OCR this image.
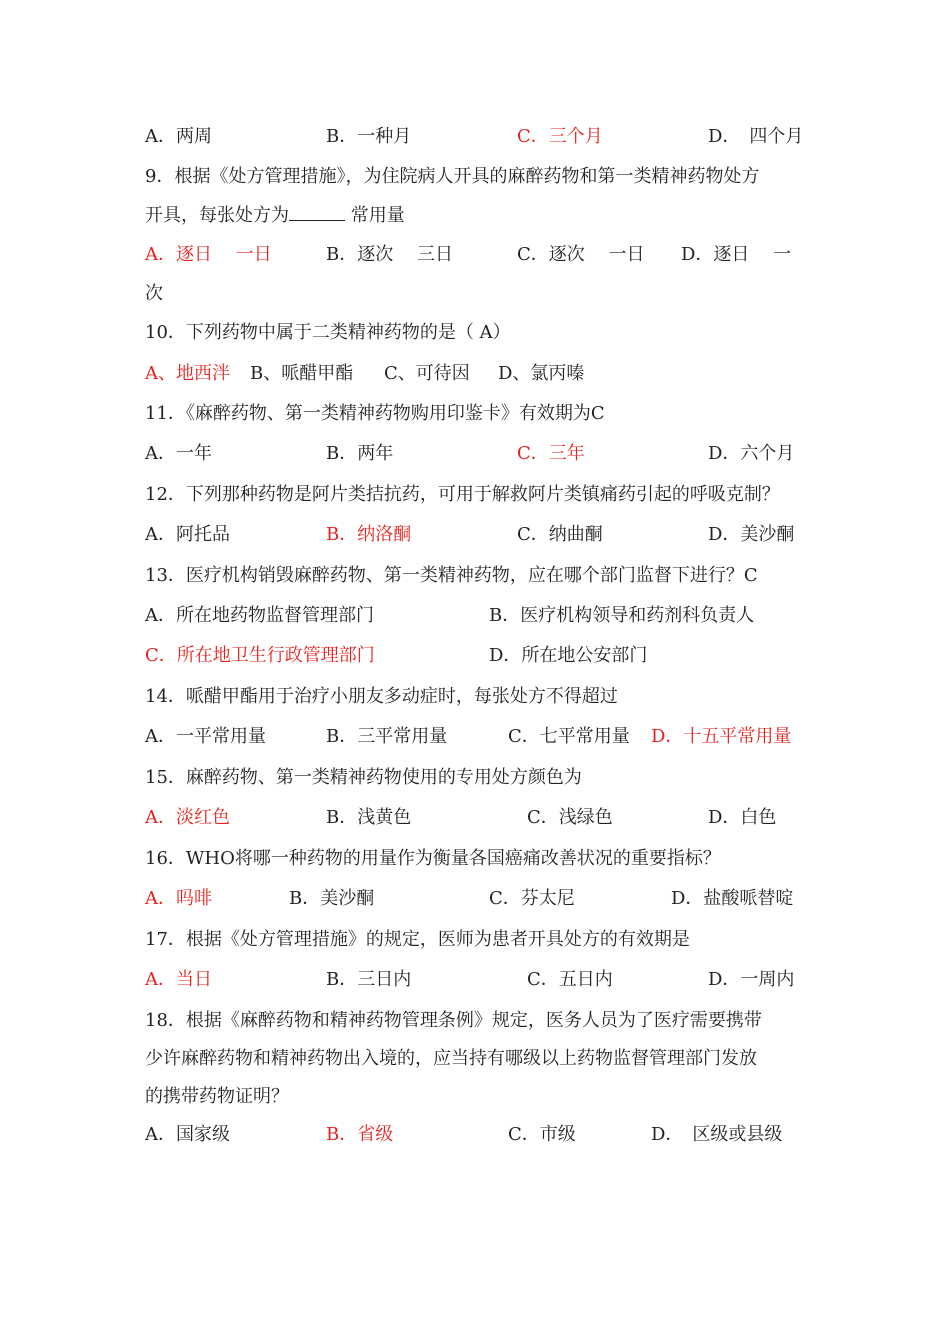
A．两周	B．一种月	C．三个月	D．　四个月
9．根据《处方管理措施》，为住院病人开具的麻醉药物和第一类精神药物处方
开具，每张处方为	常用量
A．逐日　 一日	B．逐次　 三日	C．逐次　 一日 D．逐日　 一
次
10．下列药物中属于二类精神药物的是（ A）
A、地西泮 B、哌醋甲酯 C、可待因 D、氯丙嗪
11．《麻醉药物、第一类精神药物购用印鉴卡》有效期为C
A．一年	B．两年	C．三年	D．六个月
12．下列那种药物是阿片类拮抗药，可用于解救阿片类镇痛药引起的呼吸克制？
A．阿托品	B．纳洛酮	C．纳曲酮	D．美沙酮
13．医疗机构销毁麻醉药物、第一类精神药物，应在哪个部门监督下进行？C
A．所在地药物监督管理部门	B．医疗机构领导和药剂科负责人
C．所在地卫生行政管理部门	D．所在地公安部门
14．哌醋甲酯用于治疗小朋友多动症时，每张处方不得超过
A．一平常用量	B．三平常用量	C．七平常用量 D．十五平常用量
15．麻醉药物、第一类精神药物使用的专用处方颜色为
A．淡红色	B．浅黄色	C．浅绿色	D．白色
16．WHO将哪一种药物的用量作为衡量各国癌痛改善状况的重要指标？
A．吗啡	B．美沙酮	C．芬太尼	D．盐酸哌替啶
17．根据《处方管理措施》的规定，医师为患者开具处方的有效期是
A．当日	B．三日内	C．五日内	D．一周内
18．根据《麻醉药物和精神药物管理条例》规定，医务人员为了医疗需要携带
少许麻醉药物和精神药物出入境的，应当持有哪级以上药物监督管理部门发放
的携带药物证明？
A．国家级	B．省级	C．市级	D．　区级或县级
